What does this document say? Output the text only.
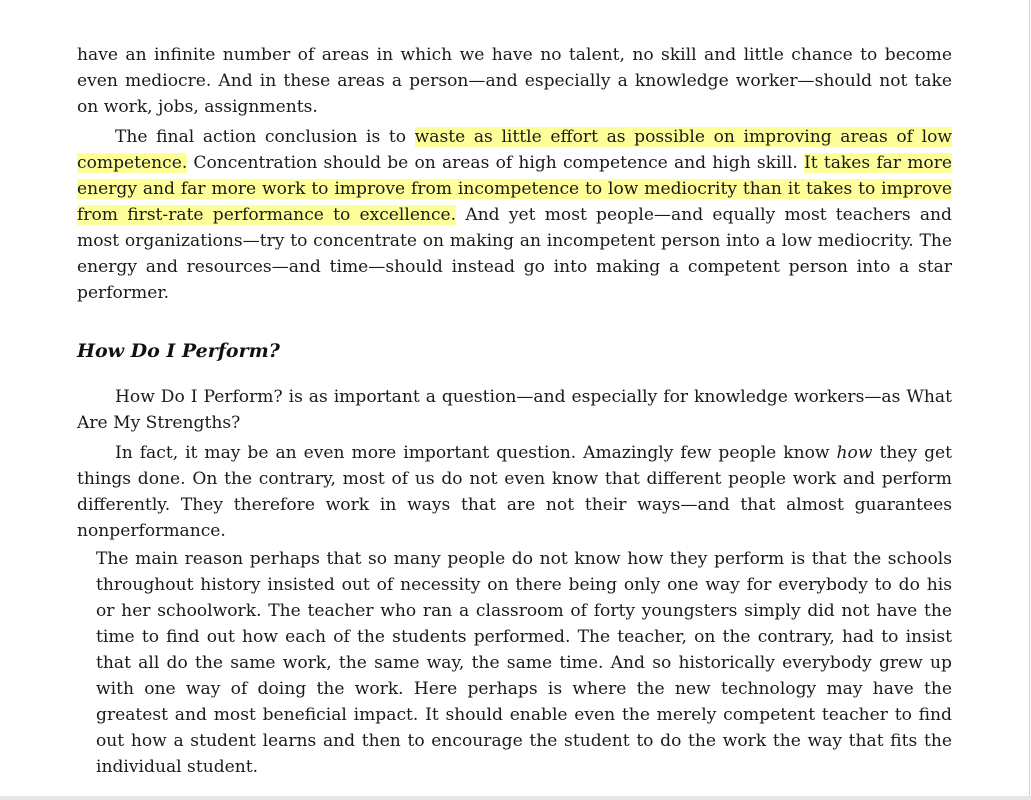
have an infinite number of areas in which we have no talent, no skill and little chance to become even mediocre. And in these areas a person—and especially a knowledge worker—should not take on work, jobs, assignments.

The final action conclusion is to waste as little effort as possible on improving areas of low competence. Concentration should be on areas of high competence and high skill. It takes far more energy and far more work to improve from incompetence to low mediocrity than it takes to improve from first-rate performance to excellence. And yet most people—and equally most teachers and most organizations—try to concentrate on making an incompetent person into a low mediocrity. The energy and resources—and time—should instead go into making a competent person into a star performer.

How Do I Perform?

How Do I Perform? is as important a question—and especially for knowledge workers—as What Are My Strengths?

In fact, it may be an even more important question. Amazingly few people know how they get things done. On the contrary, most of us do not even know that different people work and perform differently. They therefore work in ways that are not their ways—and that almost guarantees nonperformance.

The main reason perhaps that so many people do not know how they perform is that the schools throughout history insisted out of necessity on there being only one way for everybody to do his or her schoolwork. The teacher who ran a classroom of forty youngsters simply did not have the time to find out how each of the students performed. The teacher, on the contrary, had to insist that all do the same work, the same way, the same time. And so historically everybody grew up with one way of doing the work. Here perhaps is where the new technology may have the greatest and most beneficial impact. It should enable even the merely competent teacher to find out how a student learns and then to encourage the student to do the work the way that fits the individual student.
